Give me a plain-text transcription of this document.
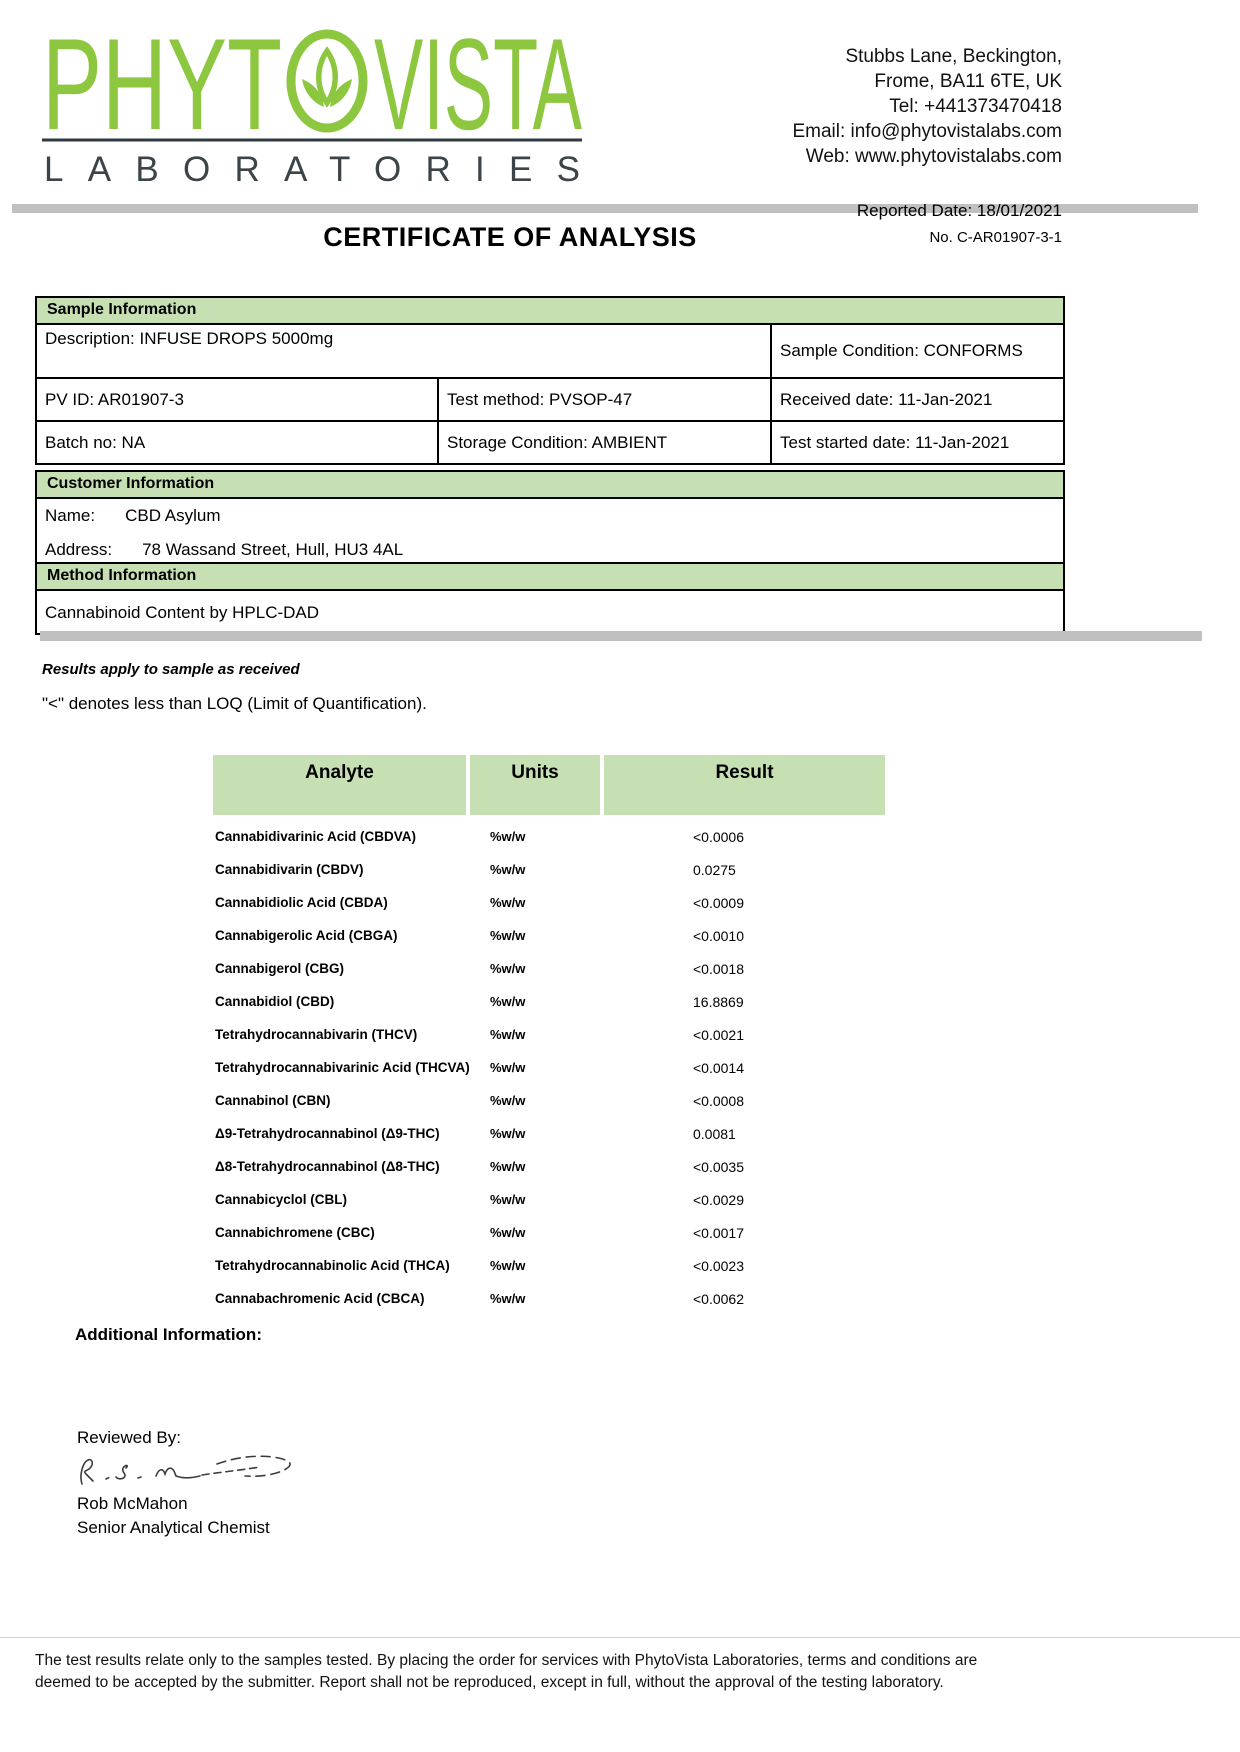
PHYT VISTA
LABORATORIES
Stubbs Lane, Beckington,
Frome, BA11 6TE, UK
Tel: +441373470418
Email: info@phytovistalabs.com
Web: www.phytovistalabs.com
CERTIFICATE OF ANALYSIS
Reported Date: 18/01/2021
No. C-AR01907-3-1
Sample Information
Description: INFUSE DROPS 5000mg
Sample Condition: CONFORMS
PV ID: AR01907-3	Test method: PVSOP-47	Received date: 11-Jan-2021
Batch no: NA	Storage Condition: AMBIENT	Test started date: 11-Jan-2021
Customer Information
Name: CBD Asylum
Address: 78 Wassand Street, Hull, HU3 4AL
Method Information
Cannabinoid Content by HPLC-DAD
Results apply to sample as received
"<" denotes less than LOQ (Limit of Quantification).
Analyte	Units	Result
Cannabidivarinic Acid (CBDVA)	%w/w	<0.0006
Cannabidivarin (CBDV)	%w/w	0.0275
Cannabidiolic Acid (CBDA)	%w/w	<0.0009
Cannabigerolic Acid (CBGA)	%w/w	<0.0010
Cannabigerol (CBG)	%w/w	<0.0018
Cannabidiol (CBD)	%w/w	16.8869
Tetrahydrocannabivarin (THCV)	%w/w	<0.0021
Tetrahydrocannabivarinic Acid (THCVA)	%w/w	<0.0014
Cannabinol (CBN)	%w/w	<0.0008
Δ9-Tetrahydrocannabinol (Δ9-THC)	%w/w	0.0081
Δ8-Tetrahydrocannabinol (Δ8-THC)	%w/w	<0.0035
Cannabicyclol (CBL)	%w/w	<0.0029
Cannabichromene (CBC)	%w/w	<0.0017
Tetrahydrocannabinolic Acid (THCA)	%w/w	<0.0023
Cannabachromenic Acid (CBCA)	%w/w	<0.0062
Additional Information:
Reviewed By:
Rob McMahon
Senior Analytical Chemist
The test results relate only to the samples tested. By placing the order for services with PhytoVista Laboratories, terms and conditions are
deemed to be accepted by the submitter. Report shall not be reproduced, except in full, without the approval of the testing laboratory.
